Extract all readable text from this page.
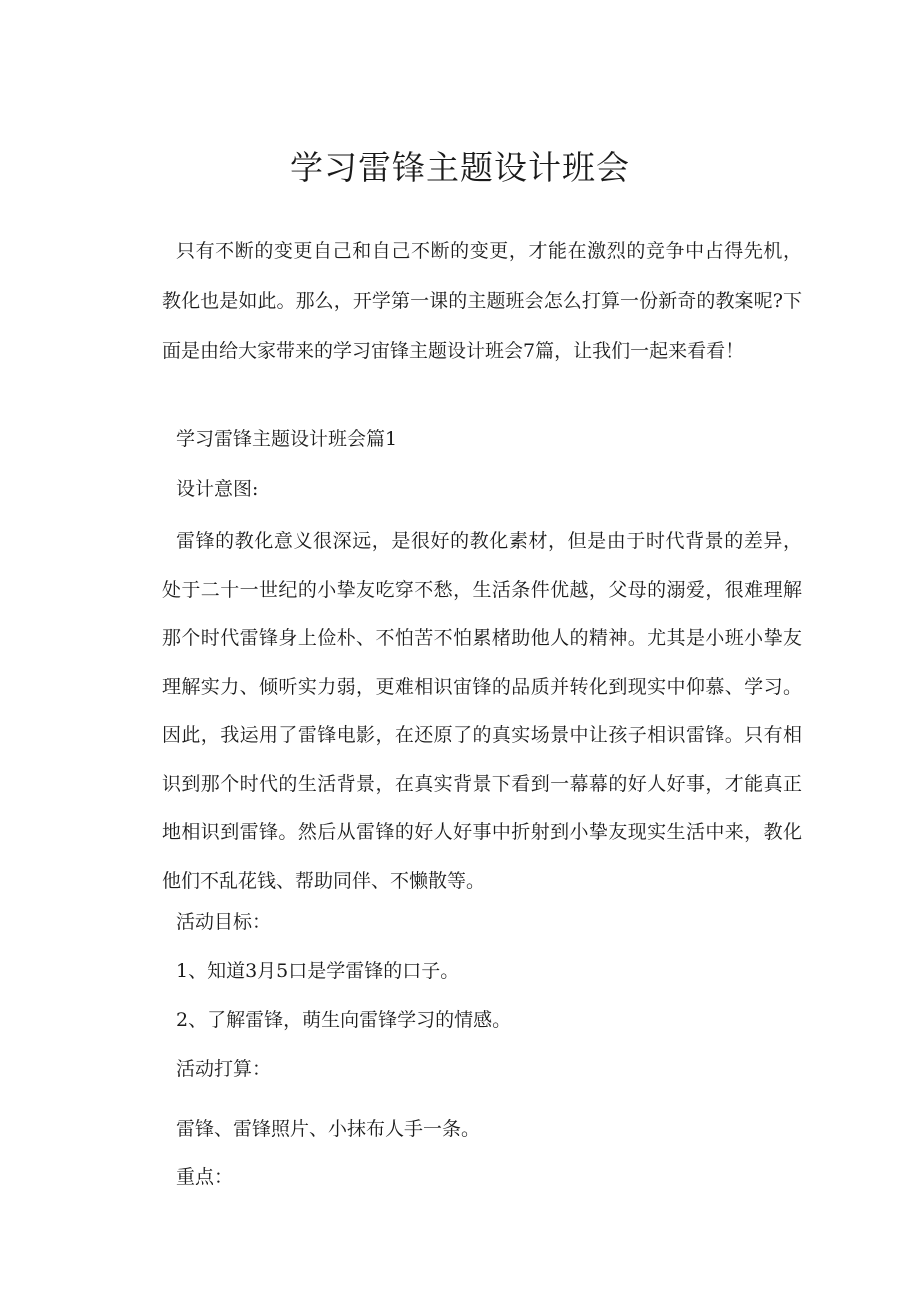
学习雷锋主题设计班会

只有不断的变更自己和自己不断的变更，才能在激烈的竞争中占得先机，教化也是如此。那么，开学第一课的主题班会怎么打算一份新奇的教案呢?下面是由给大家带来的学习宙锋主题设计班会7篇，让我们一起来看看！

学习雷锋主题设计班会篇1

设计意图:

雷锋的教化意义很深远，是很好的教化素材，但是由于时代背景的差异，处于二十一世纪的小挚友吃穿不愁，生活条件优越，父母的溺爱，很难理解那个时代雷锋身上俭朴、不怕苦不怕累楮助他人的精神。尤其是小班小挚友理解实力、倾听实力弱，更难相识宙锋的品质并转化到现实中仰慕、学习。因此，我运用了雷锋电影，在还原了的真实场景中让孩子相识雷锋。只有相识到那个时代的生活背景，在真实背景下看到一幕幕的好人好事，才能真正地相识到雷锋。然后从雷锋的好人好事中折射到小挚友现实生活中来，教化他们不乱花钱、帮助同伴、不懒散等。

活动目标：

1、知道3月5口是学雷锋的口子。

2、了解雷锋，萌生向雷锋学习的情感。

活动打算：

雷锋、雷锋照片、小抹布人手一条。

重点：
